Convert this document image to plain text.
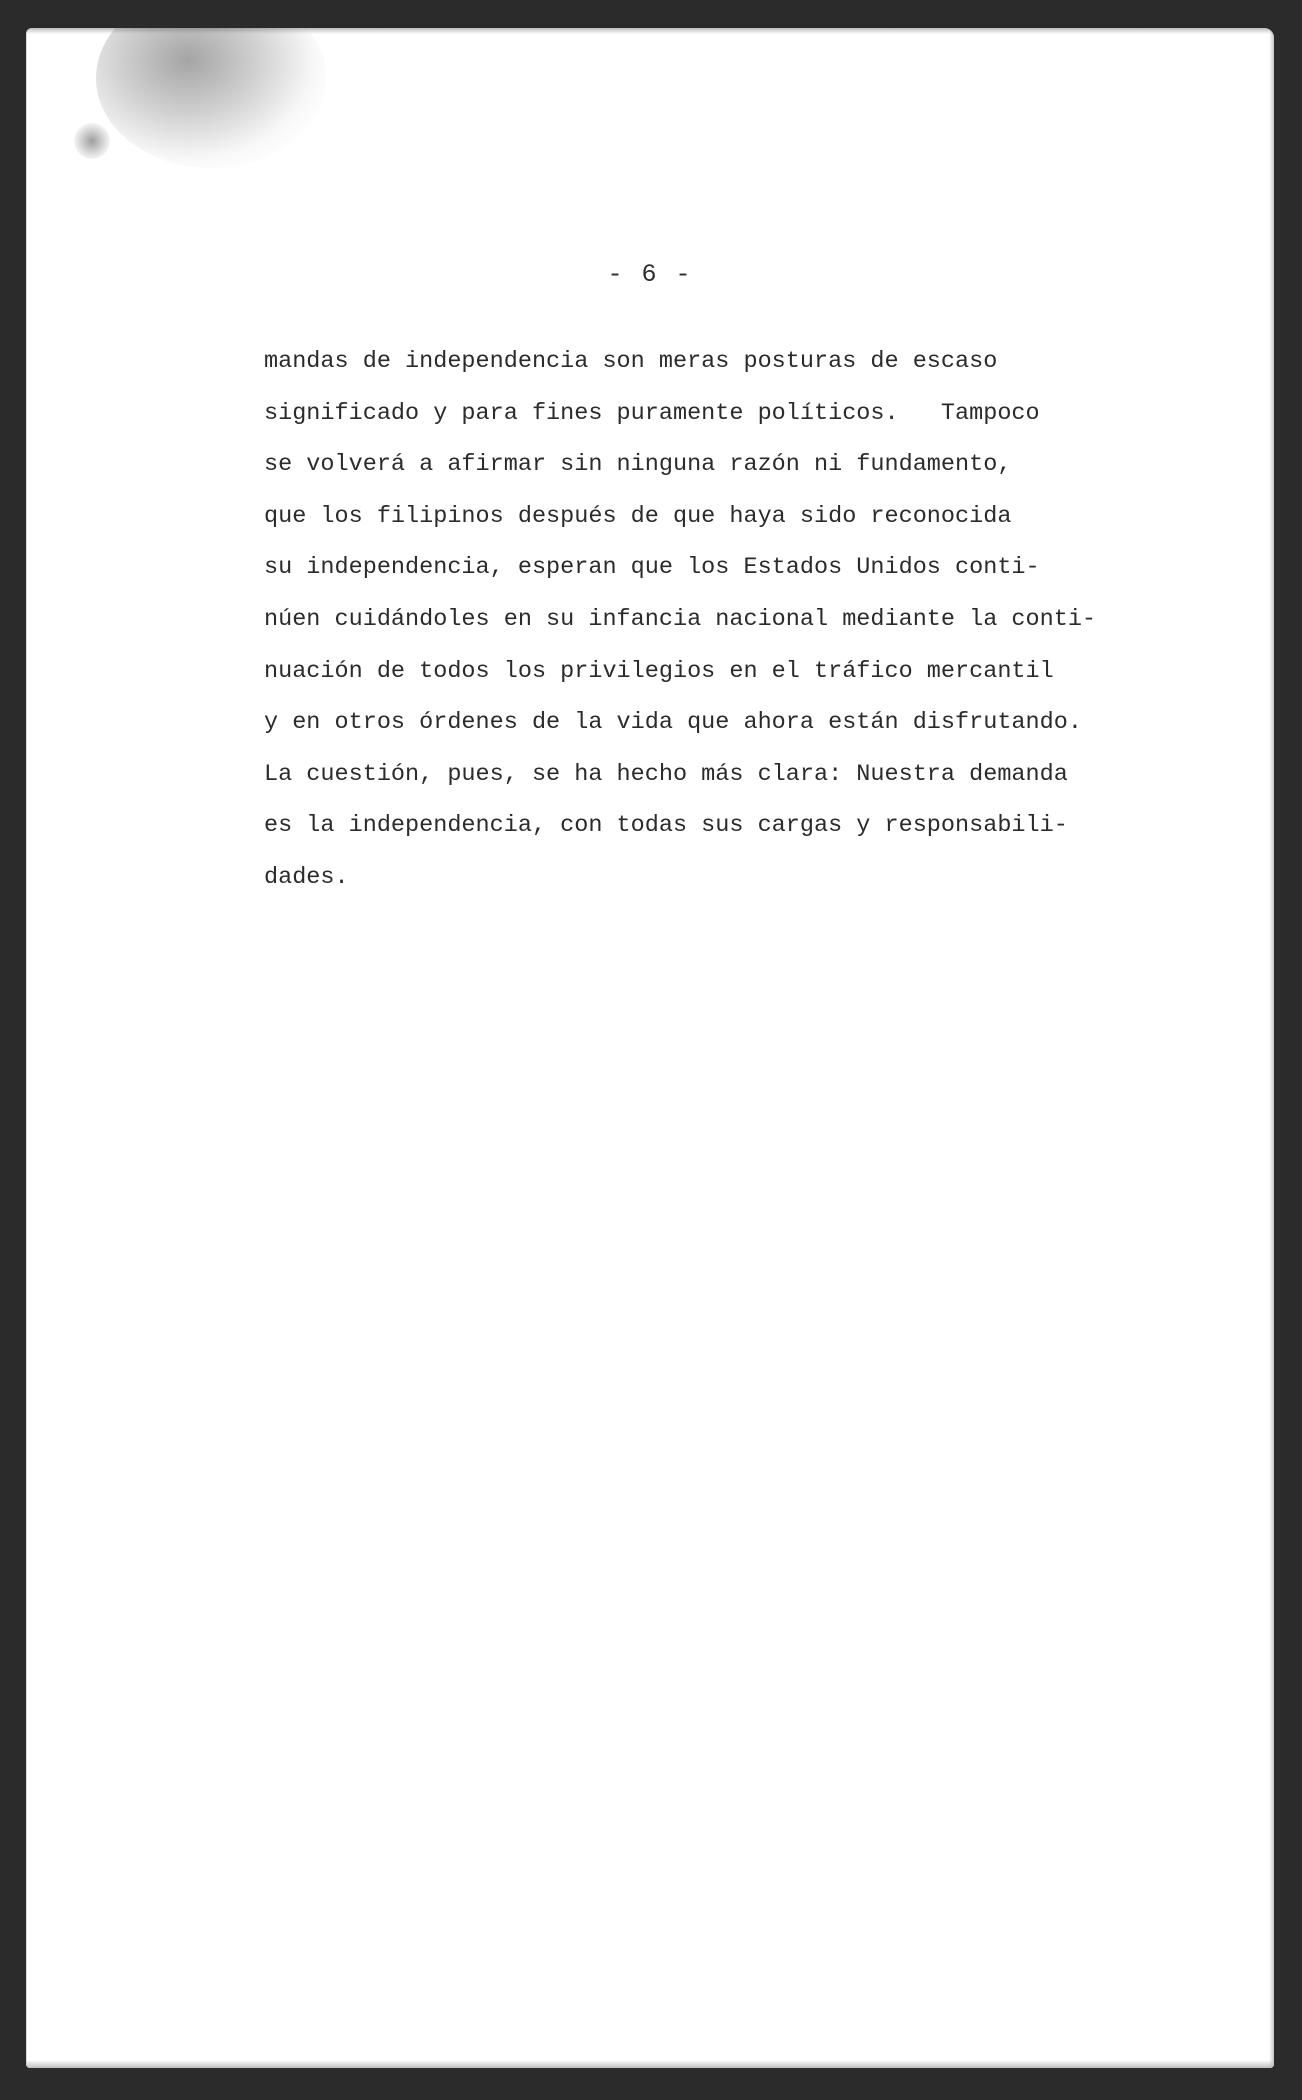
- 6 -

mandas de independencia son meras posturas de escaso
significado y para fines puramente políticos.   Tampoco
se volverá a afirmar sin ninguna razón ni fundamento,
que los filipinos después de que haya sido reconocida
su independencia, esperan que los Estados Unidos conti-
núen cuidándoles en su infancia nacional mediante la conti-
nuación de todos los privilegios en el tráfico mercantil
y en otros órdenes de la vida que ahora están disfrutando.
La cuestión, pues, se ha hecho más clara: Nuestra demanda
es la independencia, con todas sus cargas y responsabili-
dades.
